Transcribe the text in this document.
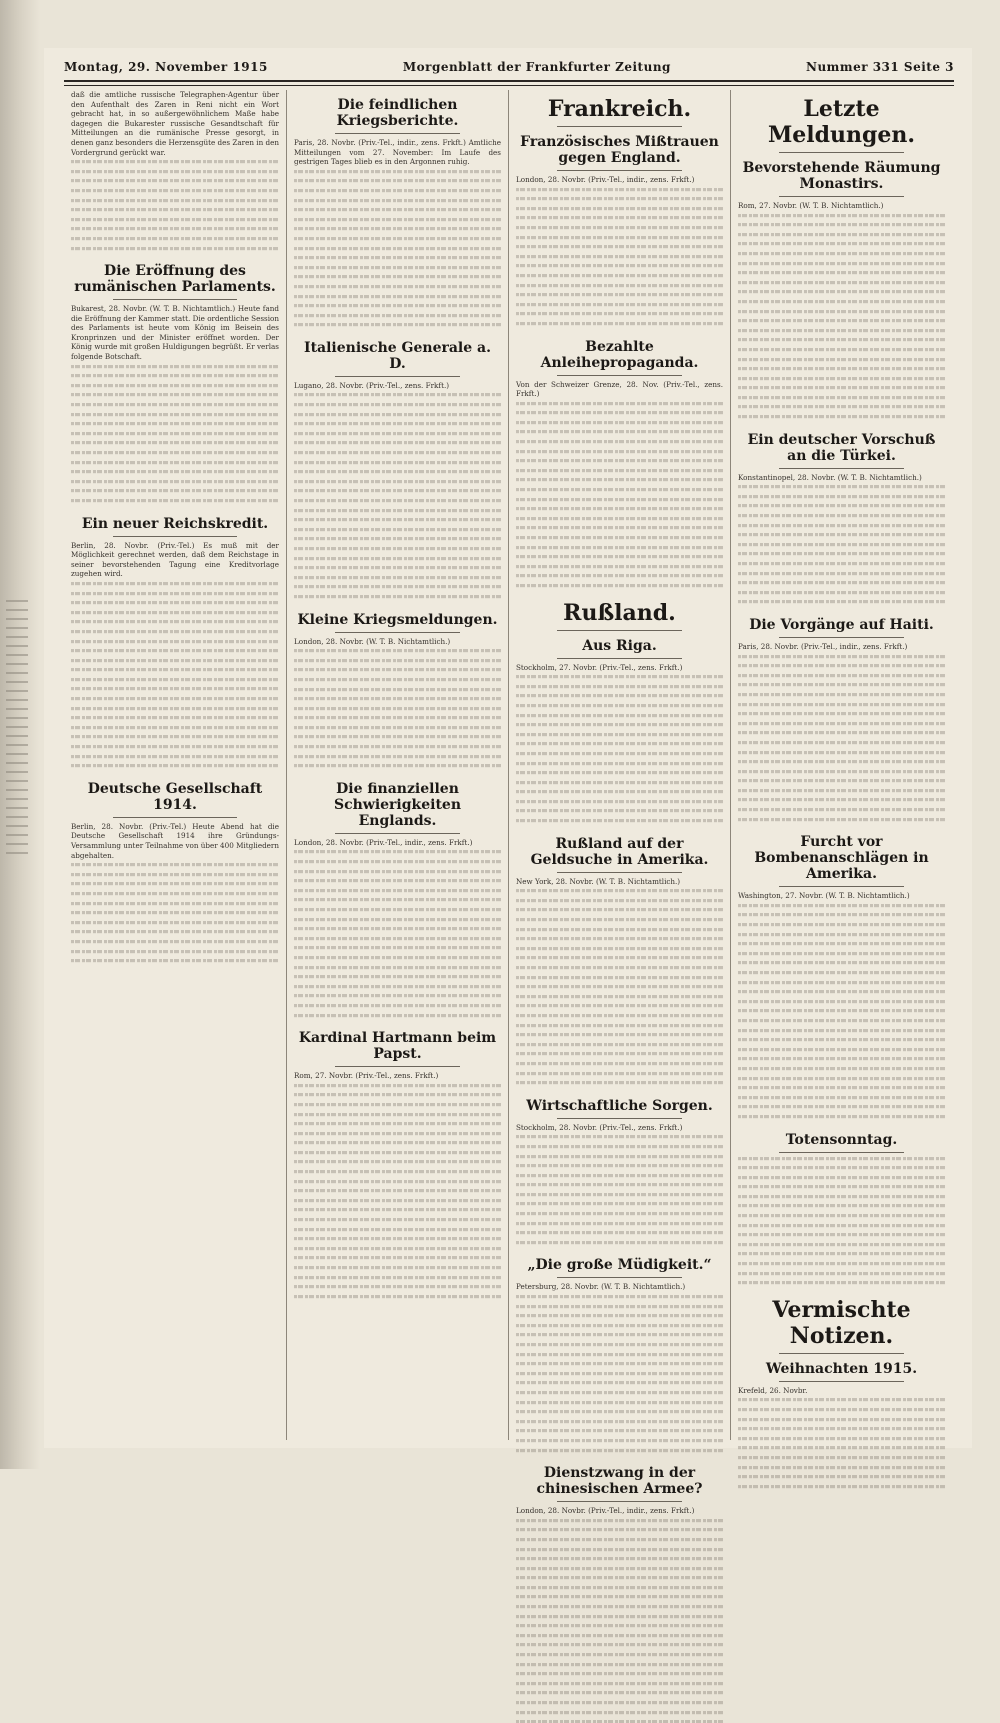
Montag, 29. November 1915	Morgenblatt der Frankfurter Zeitung	Nummer 331 Seite 3

daß die amtliche russische Telegraphen-Agentur über den Aufenthalt des Zaren in Reni nicht ein Wort gebracht hat, in so außergewöhnlichem Maße habe dagegen die Bukarester russische Gesandtschaft für Mitteilungen an die rumänische Presse gesorgt, in denen ganz besonders die Herzensgüte des Zaren in den Vordergrund gerückt war.

Die Eröffnung des rumänischen Parlaments.

Bukarest, 28. Novbr. (W. T. B. Nichtamtlich.) Heute fand die Eröffnung der Kammer statt. Die ordentliche Session des Parlaments ist heute vom König im Beisein des Kronprinzen und der Minister eröffnet worden. Der König wurde mit großen Huldigungen begrüßt. Er verlas folgende Botschaft.

Ein neuer Reichskredit.

Berlin, 28. Novbr. (Priv.-Tel.) Es muß mit der Möglichkeit gerechnet werden, daß dem Reichstage in seiner bevorstehenden Tagung eine Kreditvorlage zugehen wird.

Deutsche Gesellschaft 1914.

Berlin, 28. Novbr. (Priv.-Tel.) Heute Abend hat die Deutsche Gesellschaft 1914 ihre Gründungs-Versammlung unter Teilnahme von über 400 Mitgliedern abgehalten.

Die feindlichen Kriegsberichte.

Paris, 28. Novbr. (Priv.-Tel., indir., zens. Frkft.) Amtliche Mitteilungen vom 27. November: Im Laufe des gestrigen Tages blieb es in den Argonnen ruhig.

Italienische Generale a. D.

Lugano, 28. Novbr. (Priv.-Tel., zens. Frkft.)

Kleine Kriegsmeldungen.

London, 28. Novbr. (W. T. B. Nichtamtlich.)

Die finanziellen Schwierigkeiten Englands.

London, 28. Novbr. (Priv.-Tel., indir., zens. Frkft.)

Kardinal Hartmann beim Papst.

Rom, 27. Novbr. (Priv.-Tel., zens. Frkft.)

Frankreich.
Französisches Mißtrauen gegen England.

London, 28. Novbr. (Priv.-Tel., indir., zens. Frkft.)

Bezahlte Anleihepropaganda.

Von der Schweizer Grenze, 28. Nov. (Priv.-Tel., zens. Frkft.)

Rußland.
Aus Riga.

Stockholm, 27. Novbr. (Priv.-Tel., zens. Frkft.)

Rußland auf der Geldsuche in Amerika.

New York, 28. Novbr. (W. T. B. Nichtamtlich.)

Wirtschaftliche Sorgen.

Stockholm, 28. Novbr. (Priv.-Tel., zens. Frkft.)

„Die große Müdigkeit.“

Petersburg, 28. Novbr. (W. T. B. Nichtamtlich.)

Dienstzwang in der chinesischen Armee?

London, 28. Novbr. (Priv.-Tel., indir., zens. Frkft.)

Letzte Meldungen.
Bevorstehende Räumung Monastirs.

Rom, 27. Novbr. (W. T. B. Nichtamtlich.)

Ein deutscher Vorschuß an die Türkei.

Konstantinopel, 28. Novbr. (W. T. B. Nichtamtlich.)

Die Vorgänge auf Haiti.

Paris, 28. Novbr. (Priv.-Tel., indir., zens. Frkft.)

Furcht vor Bombenanschlägen in Amerika.

Washington, 27. Novbr. (W. T. B. Nichtamtlich.)

Totensonntag.
Vermischte Notizen.
Weihnachten 1915.

Krefeld, 26. Novbr.
